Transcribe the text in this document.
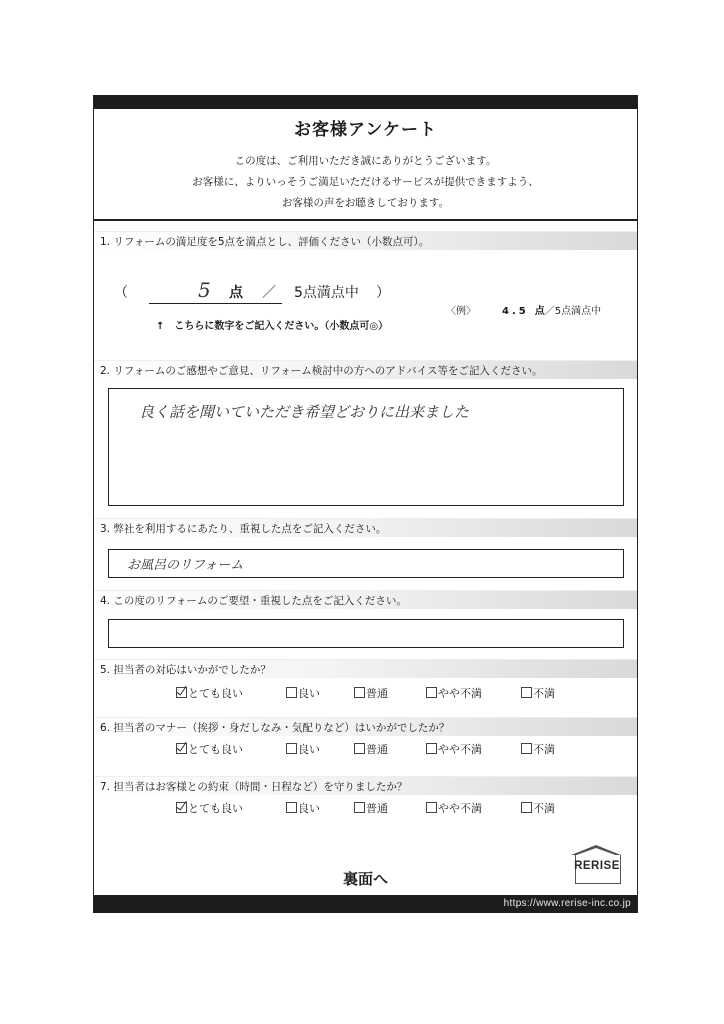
お客様アンケート
この度は、ご利用いただき誠にありがとうございます。
お客様に、よりいっそうご満足いただけるサービスが提供できますよう、
お客様の声をお聴きしております。
1. リフォームの満足度を5点を満点とし、評価ください（小数点可）。
（	5 点 ／ 5点満点中 ）
↑　こちらに数字をご記入ください。（小数点可◎）
〈例〉	4.5 点／5点満点中
2. リフォームのご感想やご意見、リフォーム検討中の方へのアドバイス等をご記入ください。
良く話を聞いていただき希望どおりに出来ました
3. 弊社を利用するにあたり、重視した点をご記入ください。
お風呂のリフォーム
4. この度のリフォームのご要望・重視した点をご記入ください。
5. 担当者の対応はいかがでしたか？
とても良い	良い	普通	やや不満	不満
6. 担当者のマナー（挨拶・身だしなみ・気配りなど）はいかがでしたか？
とても良い	良い	普通	やや不満	不満
7. 担当者はお客様との約束（時間・日程など）を守りましたか？
とても良い	良い	普通	やや不満	不満
RERISE
裏面へ
https://www.rerise-inc.co.jp
